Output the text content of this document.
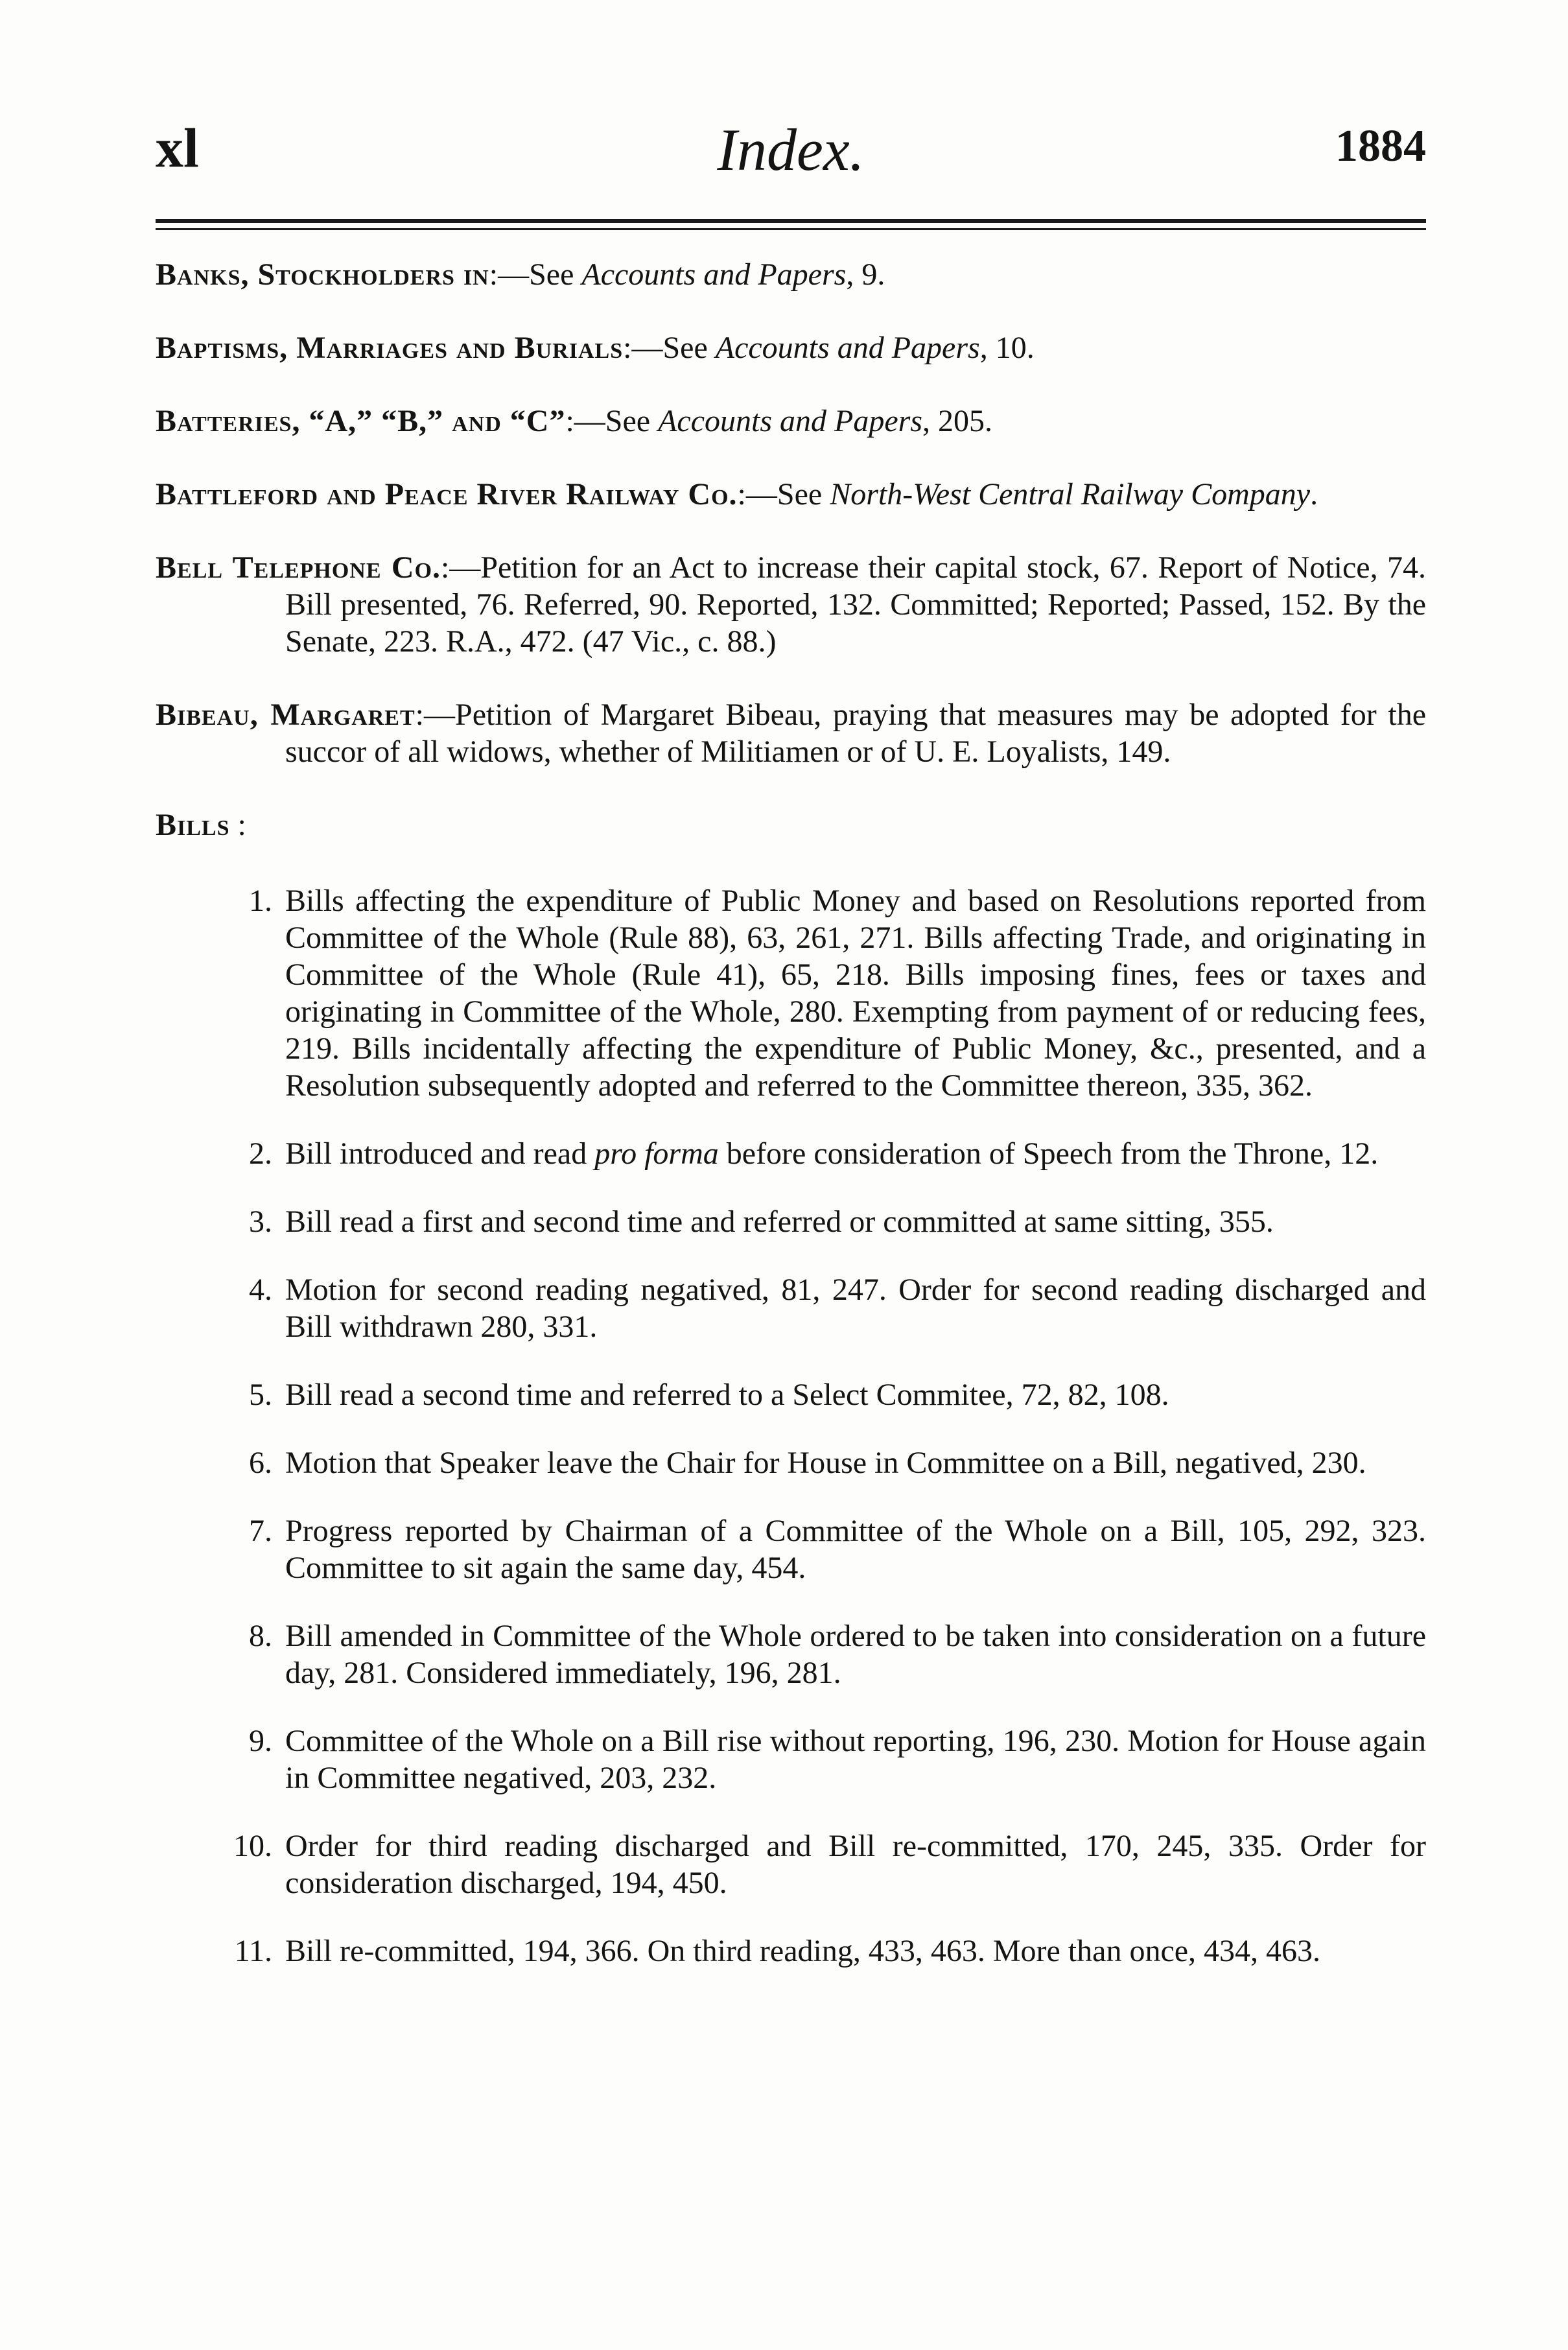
xl	Index.	1884

Banks, Stockholders in:—See Accounts and Papers, 9.

Baptisms, Marriages and Burials:—See Accounts and Papers, 10.

Batteries, “A,” “B,” and “C”:—See Accounts and Papers, 205.

Battleford and Peace River Railway Co.:—See North-West Central Railway Company.

Bell Telephone Co.:—Petition for an Act to increase their capital stock, 67. Report of Notice, 74. Bill presented, 76. Referred, 90. Reported, 132. Committed; Reported; Passed, 152. By the Senate, 223. R.A., 472. (47 Vic., c. 88.)

Bibeau, Margaret:—Petition of Margaret Bibeau, praying that measures may be adopted for the succor of all widows, whether of Militiamen or of U. E. Loyalists, 149.

Bills :
1. Bills affecting the expenditure of Public Money and based on Resolutions reported from Committee of the Whole (Rule 88), 63, 261, 271. Bills affecting Trade, and originating in Committee of the Whole (Rule 41), 65, 218. Bills imposing fines, fees or taxes and originating in Committee of the Whole, 280. Exempting from payment of or reducing fees, 219. Bills incidentally affecting the expenditure of Public Money, &c., presented, and a Resolution subsequently adopted and referred to the Committee thereon, 335, 362.
2. Bill introduced and read pro forma before consideration of Speech from the Throne, 12.
3. Bill read a first and second time and referred or committed at same sitting, 355.
4. Motion for second reading negatived, 81, 247. Order for second reading discharged and Bill withdrawn 280, 331.
5. Bill read a second time and referred to a Select Commitee, 72, 82, 108.
6. Motion that Speaker leave the Chair for House in Committee on a Bill, negatived, 230.
7. Progress reported by Chairman of a Committee of the Whole on a Bill, 105, 292, 323. Committee to sit again the same day, 454.
8. Bill amended in Committee of the Whole ordered to be taken into consideration on a future day, 281. Considered immediately, 196, 281.
9. Committee of the Whole on a Bill rise without reporting, 196, 230. Motion for House again in Committee negatived, 203, 232.
10. Order for third reading discharged and Bill re-committed, 170, 245, 335. Order for consideration discharged, 194, 450.
11. Bill re-committed, 194, 366. On third reading, 433, 463. More than once, 434, 463.
